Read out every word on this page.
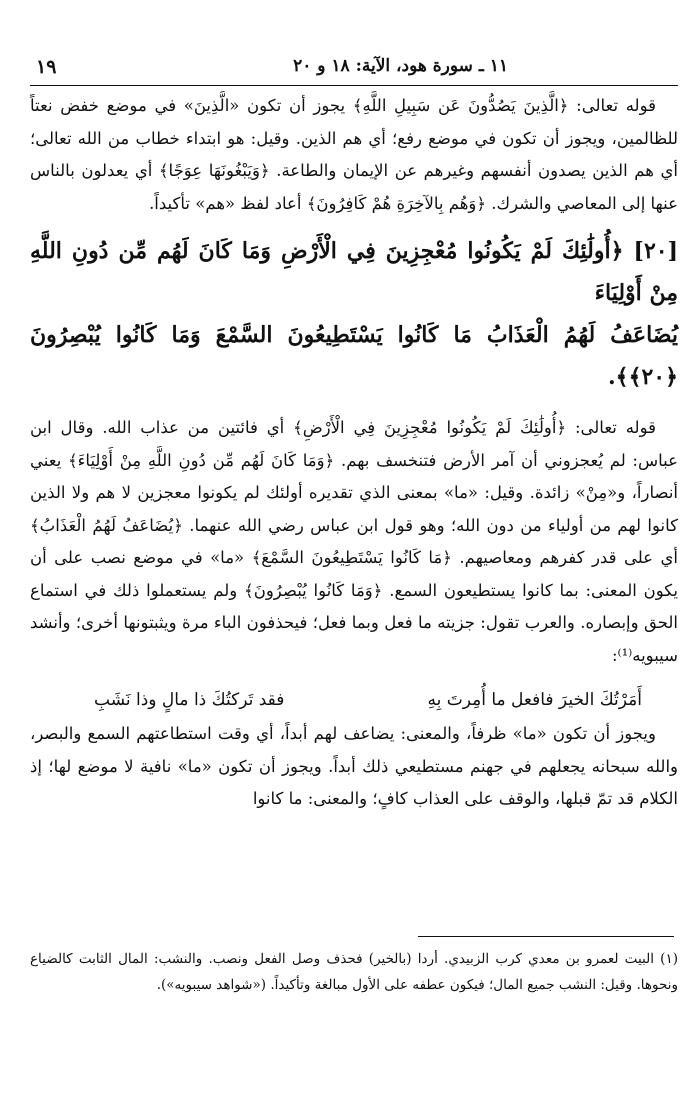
١١ ـ سورة هود، الآية: ١٨ و ٢٠
١٩

قوله تعالى: ﴿الَّذِينَ يَصُدُّونَ عَن سَبِيلِ اللَّهِ﴾ يجوز أن تكون «الَّذِينَ» في موضع خفض نعتاً للظالمين، ويجوز أن تكون في موضع رفع؛ أي هم الذين. وقيل: هو ابتداء خطاب من الله تعالى؛ أي هم الذين يصدون أنفسهم وغيرهم عن الإيمان والطاعة. ﴿وَيَبْغُونَهَا عِوَجًا﴾ أي يعدلون بالناس عنها إلى المعاصي والشرك. ﴿وَهُم بِالآخِرَةِ هُمْ كَافِرُونَ﴾ أعاد لفظ «هم» تأكيداً.

[٢٠] ﴿أُولَٰئِكَ لَمْ يَكُونُوا مُعْجِزِينَ فِي الْأَرْضِ وَمَا كَانَ لَهُم مِّن دُونِ اللَّهِ مِنْ أَوْلِيَاءَ
يُضَاعَفُ لَهُمُ الْعَذَابُ مَا كَانُوا يَسْتَطِيعُونَ السَّمْعَ وَمَا كَانُوا يُبْصِرُونَ ﴿٢٠﴾﴾.

قوله تعالى: ﴿أُولَٰئِكَ لَمْ يَكُونُوا مُعْجِزِينَ فِي الْأَرْضِ﴾ أي فائتين من عذاب الله. وقال ابن عباس: لم يُعجزوني أن آمر الأرض فتنخسف بهم. ﴿وَمَا كَانَ لَهُم مِّن دُونِ اللَّهِ مِنْ أَوْلِيَاءَ﴾ يعني أنصاراً، و«مِنْ» زائدة. وقيل: «ما» بمعنى الذي تقديره أولئك لم يكونوا معجزين لا هم ولا الذين كانوا لهم من أولياء من دون الله؛ وهو قول ابن عباس رضي الله عنهما. ﴿يُضَاعَفُ لَهُمُ الْعَذَابُ﴾ أي على قدر كفرهم ومعاصيهم. ﴿مَا كَانُوا يَسْتَطِيعُونَ السَّمْعَ﴾ «ما» في موضع نصب على أن يكون المعنى: بما كانوا يستطيعون السمع. ﴿وَمَا كَانُوا يُبْصِرُونَ﴾ ولم يستعملوا ذلك في استماع الحق وإبصاره. والعرب تقول: جزيته ما فعل وبما فعل؛ فيحذفون الباء مرة ويثبتونها أخرى؛ وأنشد سيبويه⁽¹⁾:

أَمَرْتُكَ الخيرَ فافعل ما أُمِرتَ بِهِ
فقد تَركتُكَ ذا مالٍ وذا نَشَبِ

ويجوز أن تكون «ما» ظرفاً، والمعنى: يضاعف لهم أبداً، أي وقت استطاعتهم السمع والبصر، والله سبحانه يجعلهم في جهنم مستطيعي ذلك أبداً. ويجوز أن تكون «ما» نافية لا موضع لها؛ إذ الكلام قد تمّ قبلها، والوقف على العذاب كافٍ؛ والمعنى: ما كانوا

(١) البيت لعمرو بن معدي كرب الزبيدي. أردا (بالخير) فحذف وصل الفعل ونصب. والنشب: المال الثابت كالضياع ونحوها. وقيل: النشب جميع المال؛ فيكون عطفه على الأول مبالغة وتأكيداً. («شواهد سيبويه»).
